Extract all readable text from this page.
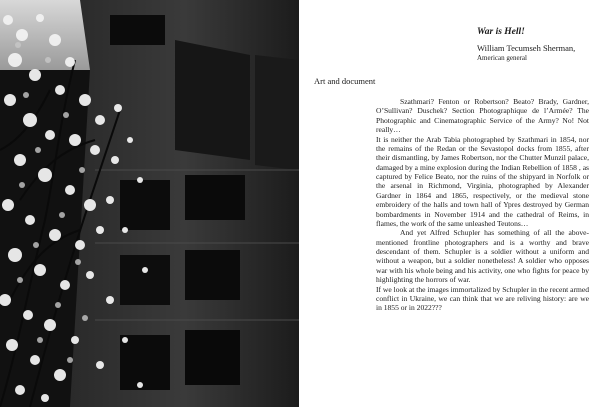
War is Hell!

William Tecumseh Sherman,
American general

Art and document

Szathmari? Fenton or Robertson? Beato? Brady, Gardner, O’Sullivan? Duschek? Section Photographique de l’Armée? The Photographic and Cinematographic Service of the Army? No! Not really…

It is neither the Arab Tabia photographed by Szathmari in 1854, nor the remains of the Redan or the Sevastopol docks from 1855, after their dismantling, by James Robertson, nor the Chutter Munzil palace, damaged by a mine explosion during the Indian Rebellion of 1858 , as captured by Felice Beato, nor the ruins of the shipyard in Norfolk or the arsenal in Richmond, Virginia, photographed by Alexander Gardner in 1864 and 1865, respectively, or the medieval stone embroidery of the halls and town hall of Ypres destroyed by German bombardments in November 1914 and the cathedral of Reims, in flames, the work of the same unleashed Teutons…

And yet Alfred Schupler has something of all the above-mentioned frontline photographers and is a worthy and brave descendant of them. Schupler is a soldier without a uniform and without a weapon, but a soldier nonetheless! A soldier who opposes war with his whole being and his activity, one who fights for peace by highlighting the horrors of war.

If we look at the images immortalized by Schupler in the recent armed conflict in Ukraine, we can think that we are reliving history: are we in 1855 or in 2022???
